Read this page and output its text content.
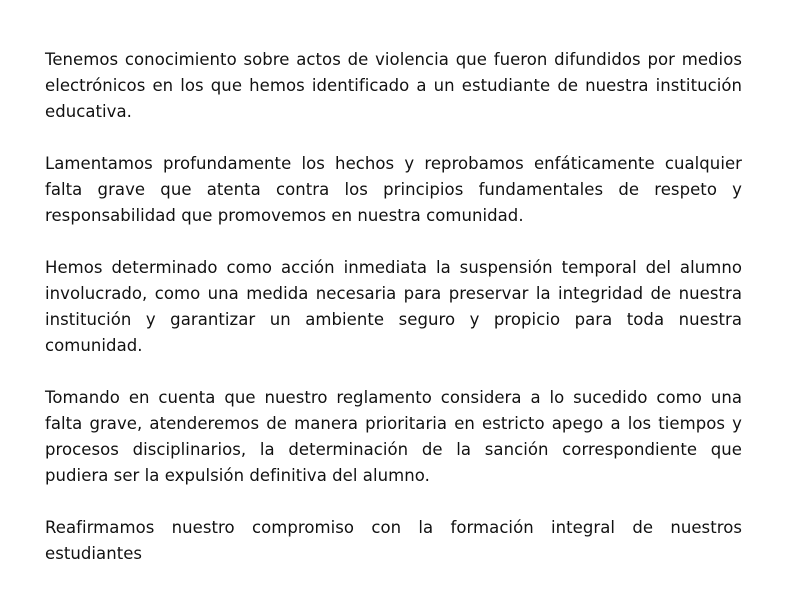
Tenemos conocimiento sobre actos de violencia que fueron difundidos por medios electrónicos en los que hemos identificado a un estudiante de nuestra institución educativa.

Lamentamos profundamente los hechos y reprobamos enfáticamente cualquier falta grave que atenta contra los principios fundamentales de respeto y responsabilidad que promovemos en nuestra comunidad.

Hemos determinado como acción inmediata la suspensión temporal del alumno involucrado, como una medida necesaria para preservar la integridad de nuestra institución y garantizar un ambiente seguro y propicio para toda nuestra comunidad.

Tomando en cuenta que nuestro reglamento considera a lo sucedido como una falta grave, atenderemos de manera prioritaria en estricto apego a los tiempos y procesos disciplinarios, la determinación de la sanción correspondiente que pudiera ser la expulsión definitiva del alumno.

Reafirmamos nuestro compromiso con la formación integral de nuestros estudiantes
